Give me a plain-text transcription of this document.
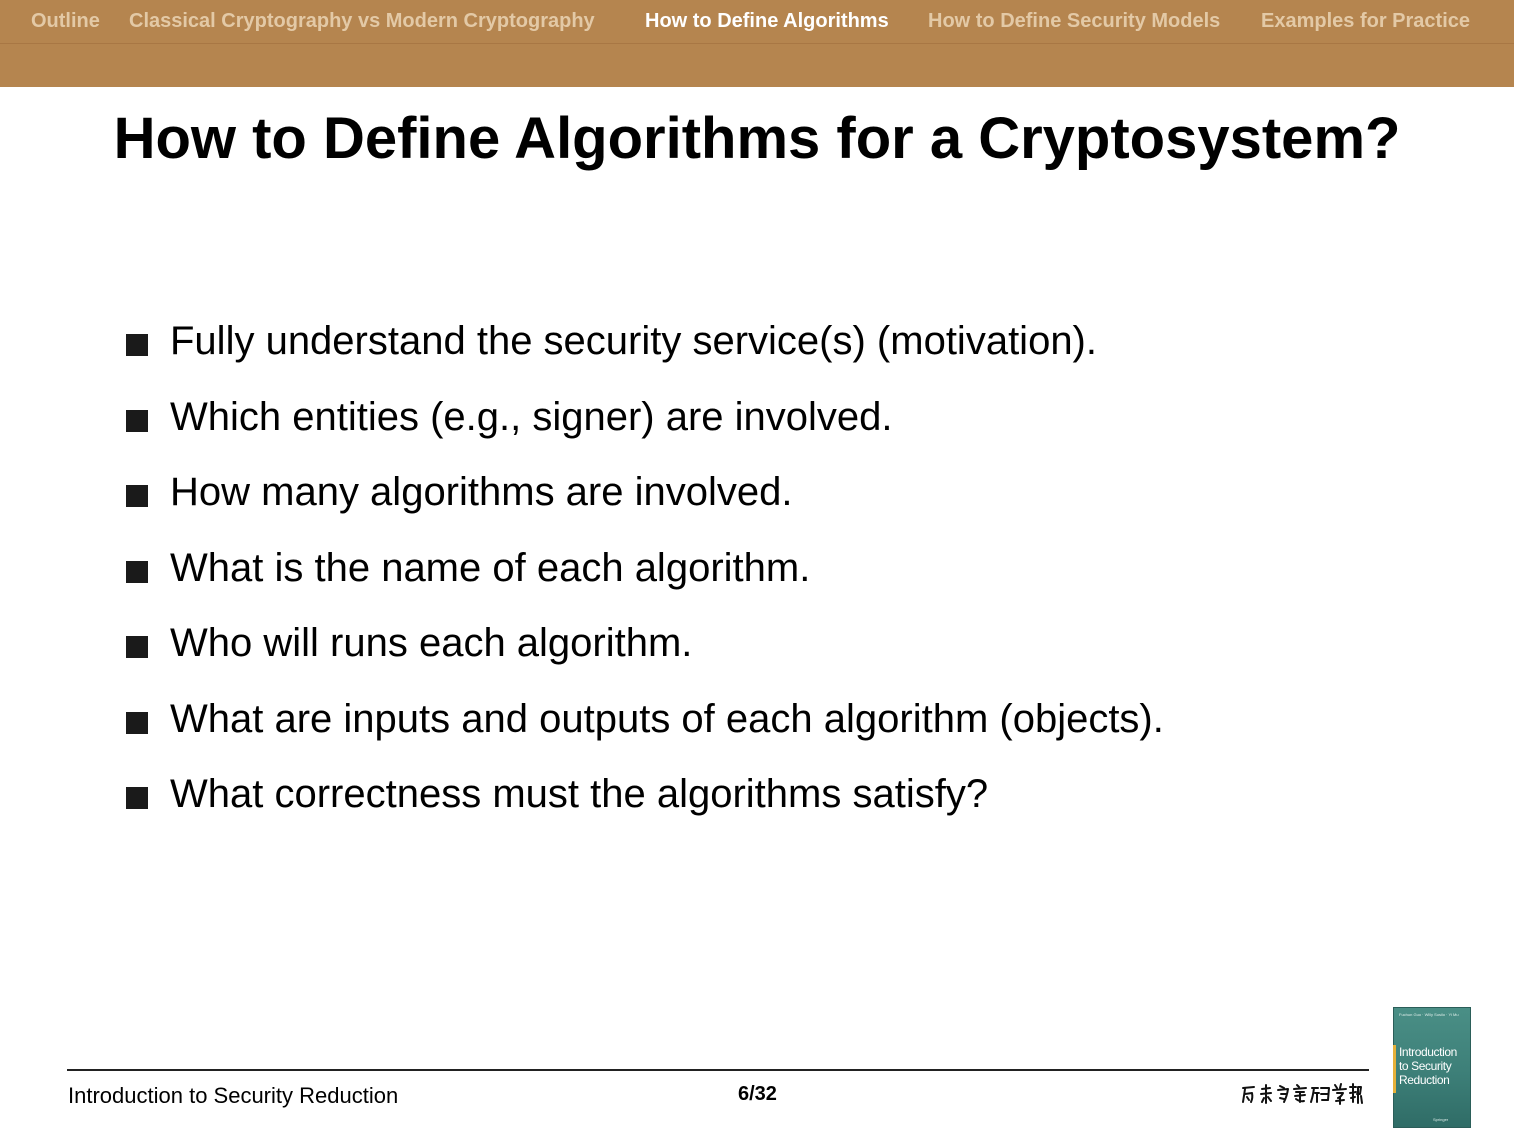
Outline Classical Cryptography vs Modern Cryptography	How to Define Algorithms How to Define Security Models Examples for Practice
How to Define Algorithms for a Cryptosystem?
Fully understand the security service(s) (motivation).
Which entities (e.g., signer) are involved.
How many algorithms are involved.
What is the name of each algorithm.
Who will runs each algorithm.
What are inputs and outputs of each algorithm (objects).
What correctness must the algorithms satisfy?
Introduction to Security Reduction	6/32
Fuchun Guo · Willy Susilo · Yi Mu
Introduction to Security Reduction
Springer
